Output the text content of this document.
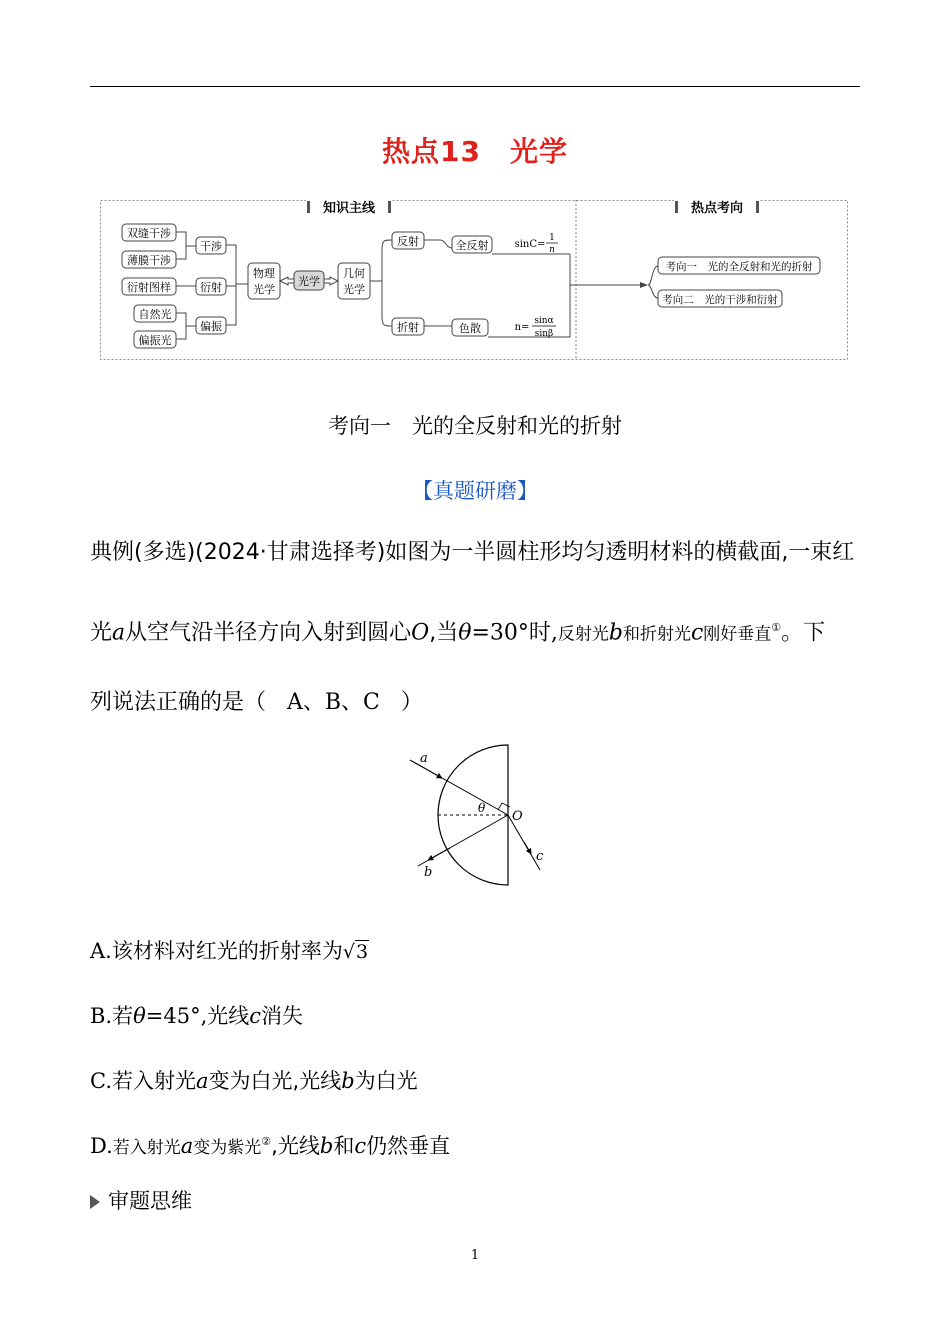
热点13　光学
知识主线	热点考向
双缝干涉
薄膜干涉
衍射图样
自然光
偏振光
干涉
衍射
偏振
物理
光学
光学
几何
光学
反射
折射
全反射
色散
sinC=
1
n
n=
sinα
sinβ
考向一　光的全反射和光的折射
考向二　光的干涉和衍射
考向一　光的全反射和光的折射
【真题研磨】
典例(多选)(2024·甘肃选择考)如图为一半圆柱形均匀透明材料的横截面,一束红
光a从空气沿半径方向入射到圆心O,当θ=30°时,反射光b和折射光c刚好垂直①。下
列说法正确的是（ A、B、C ）
a
b
c
O
θ
A.该材料对红光的折射率为√3
B.若θ=45°,光线c消失
C.若入射光a变为白光,光线b为白光
D.若入射光a变为紫光②,光线b和c仍然垂直
审题思维
1
